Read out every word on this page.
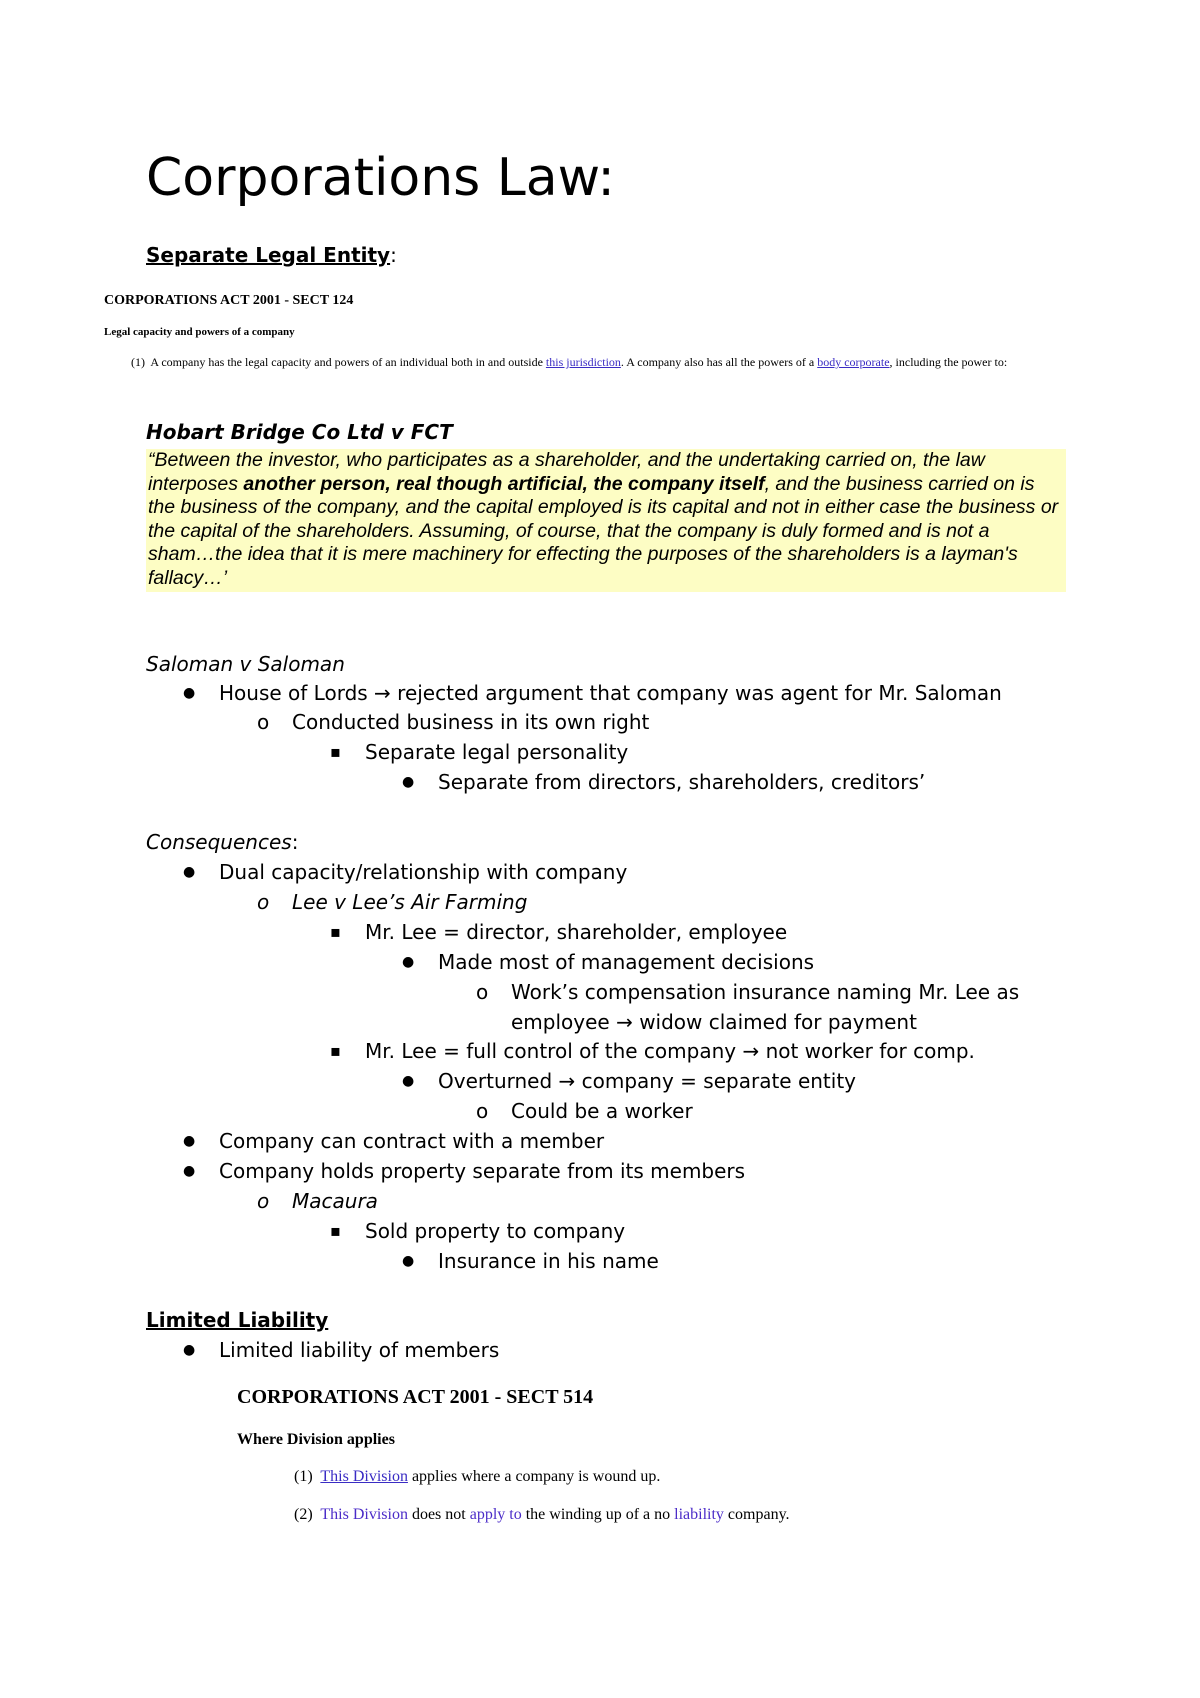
Corporations Law:
Separate Legal Entity:
CORPORATIONS ACT 2001 - SECT 124
Legal capacity and powers of a company
(1) A company has the legal capacity and powers of an individual both in and outside this jurisdiction. A company also has all the powers of a body corporate, including the power to:
Hobart Bridge Co Ltd v FCT
“Between the investor, who participates as a shareholder, and the undertaking carried on, the law interposes another person, real though artificial, the company itself, and the business carried on is the business of the company, and the capital employed is its capital and not in either case the business or the capital of the shareholders. Assuming, of course, that the company is duly formed and is not a sham…the idea that it is mere machinery for effecting the purposes of the shareholders is a layman's fallacy…’
Saloman v Saloman
● House of Lords → rejected argument that company was agent for Mr. Saloman
o Conducted business in its own right
▪ Separate legal personality
● Separate from directors, shareholders, creditors’
Consequences:
● Dual capacity/relationship with company
o Lee v Lee’s Air Farming
▪ Mr. Lee = director, shareholder, employee
● Made most of management decisions
o Work’s compensation insurance naming Mr. Lee as
employee → widow claimed for payment
▪ Mr. Lee = full control of the company → not worker for comp.
● Overturned → company = separate entity
o Could be a worker
● Company can contract with a member
● Company holds property separate from its members
o Macaura
▪ Sold property to company
● Insurance in his name
Limited Liability
● Limited liability of members
CORPORATIONS ACT 2001 - SECT 514
Where Division applies
(1) This Division applies where a company is wound up.
(2) This Division does not apply to the winding up of a no liability company.
